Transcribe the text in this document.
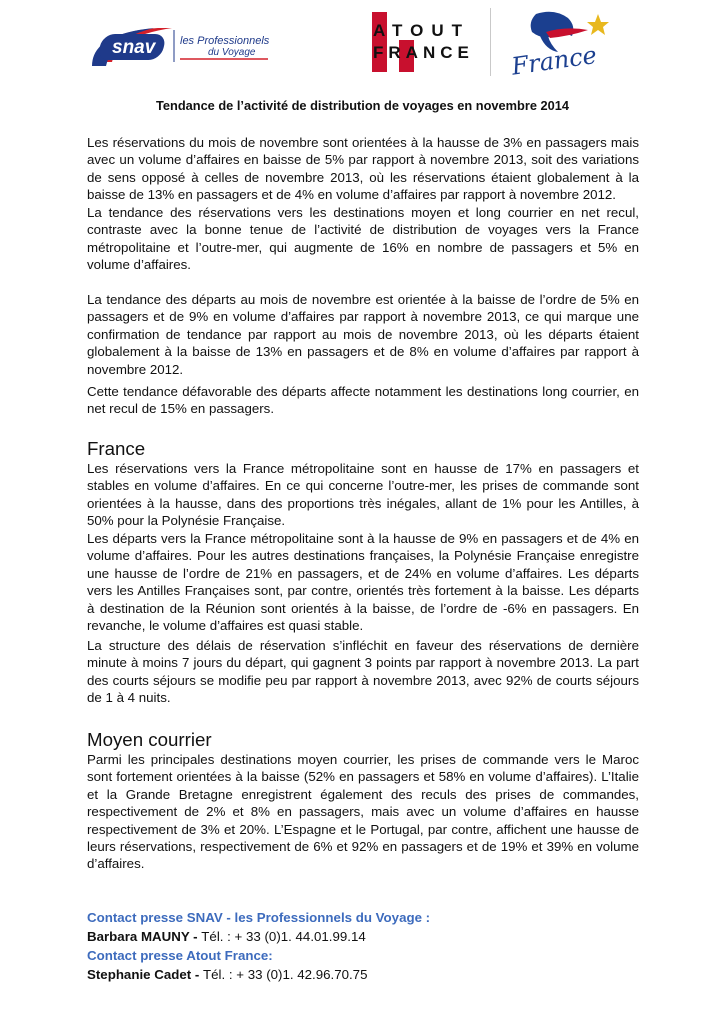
snav les Professionnels
du Voyage
ATOUT
FRANCE France
Tendance de l’activité de distribution de voyages en novembre 2014

Les réservations du mois de novembre sont orientées à la hausse de 3% en passagers mais avec un volume d’affaires en baisse de 5% par rapport à novembre 2013, soit des variations de sens opposé à celles de novembre 2013, où les réservations étaient globalement à la baisse de 13% en passagers et de 4% en volume d’affaires par rapport à novembre 2012.

La tendance des réservations vers les destinations moyen et long courrier en net recul, contraste avec la bonne tenue de l’activité de distribution de voyages vers la France métropolitaine et l’outre-mer, qui augmente de 16% en nombre de passagers et 5% en volume d’affaires.

La tendance des départs au mois de novembre est orientée à la baisse de l’ordre de 5% en passagers et de 9% en volume d’affaires par rapport à novembre 2013, ce qui marque une confirmation de tendance par rapport au mois de novembre 2013, où les départs étaient globalement à la baisse de 13% en passagers et de 8% en volume d’affaires par rapport à novembre 2012.

Cette tendance défavorable des départs affecte notamment les destinations long courrier, en net recul de 15% en passagers.

France

Les réservations vers la France métropolitaine sont en hausse de 17% en passagers et stables en volume d’affaires. En ce qui concerne l’outre-mer, les prises de commande sont orientées à la hausse, dans des proportions très inégales, allant de 1% pour les Antilles, à 50% pour la Polynésie Française.

Les départs vers la France métropolitaine sont à la hausse de 9% en passagers et de 4% en volume d’affaires. Pour les autres destinations françaises, la Polynésie Française enregistre une hausse de l’ordre de 21% en passagers, et de 24% en volume d’affaires. Les départs vers les Antilles Françaises sont, par contre, orientés très fortement à la baisse. Les départs à destination de la Réunion sont orientés à la baisse, de l’ordre de -6% en passagers. En revanche, le volume d’affaires est quasi stable.

La structure des délais de réservation s’infléchit en faveur des réservations de dernière minute à moins 7 jours du départ, qui gagnent 3 points par rapport à novembre 2013. La part des courts séjours se modifie peu par rapport à novembre 2013, avec 92% de courts séjours de 1 à 4 nuits.

Moyen courrier

Parmi les principales destinations moyen courrier, les prises de commande vers le Maroc sont fortement orientées à la baisse (52% en passagers et 58% en volume d’affaires). L’Italie et la Grande Bretagne enregistrent également des reculs des prises de commandes, respectivement de 2% et 8% en passagers, mais avec un volume d’affaires en hausse respectivement de 3% et 20%. L’Espagne et le Portugal, par contre, affichent une hausse de leurs réservations, respectivement de 6% et 92% en passagers et de 19% et 39% en volume d’affaires.

Contact presse SNAV - les Professionnels du Voyage :
Barbara MAUNY - Tél. : + 33 (0)1. 44.01.99.14
Contact presse Atout France:
Stephanie Cadet - Tél. : + 33 (0)1. 42.96.70.75
